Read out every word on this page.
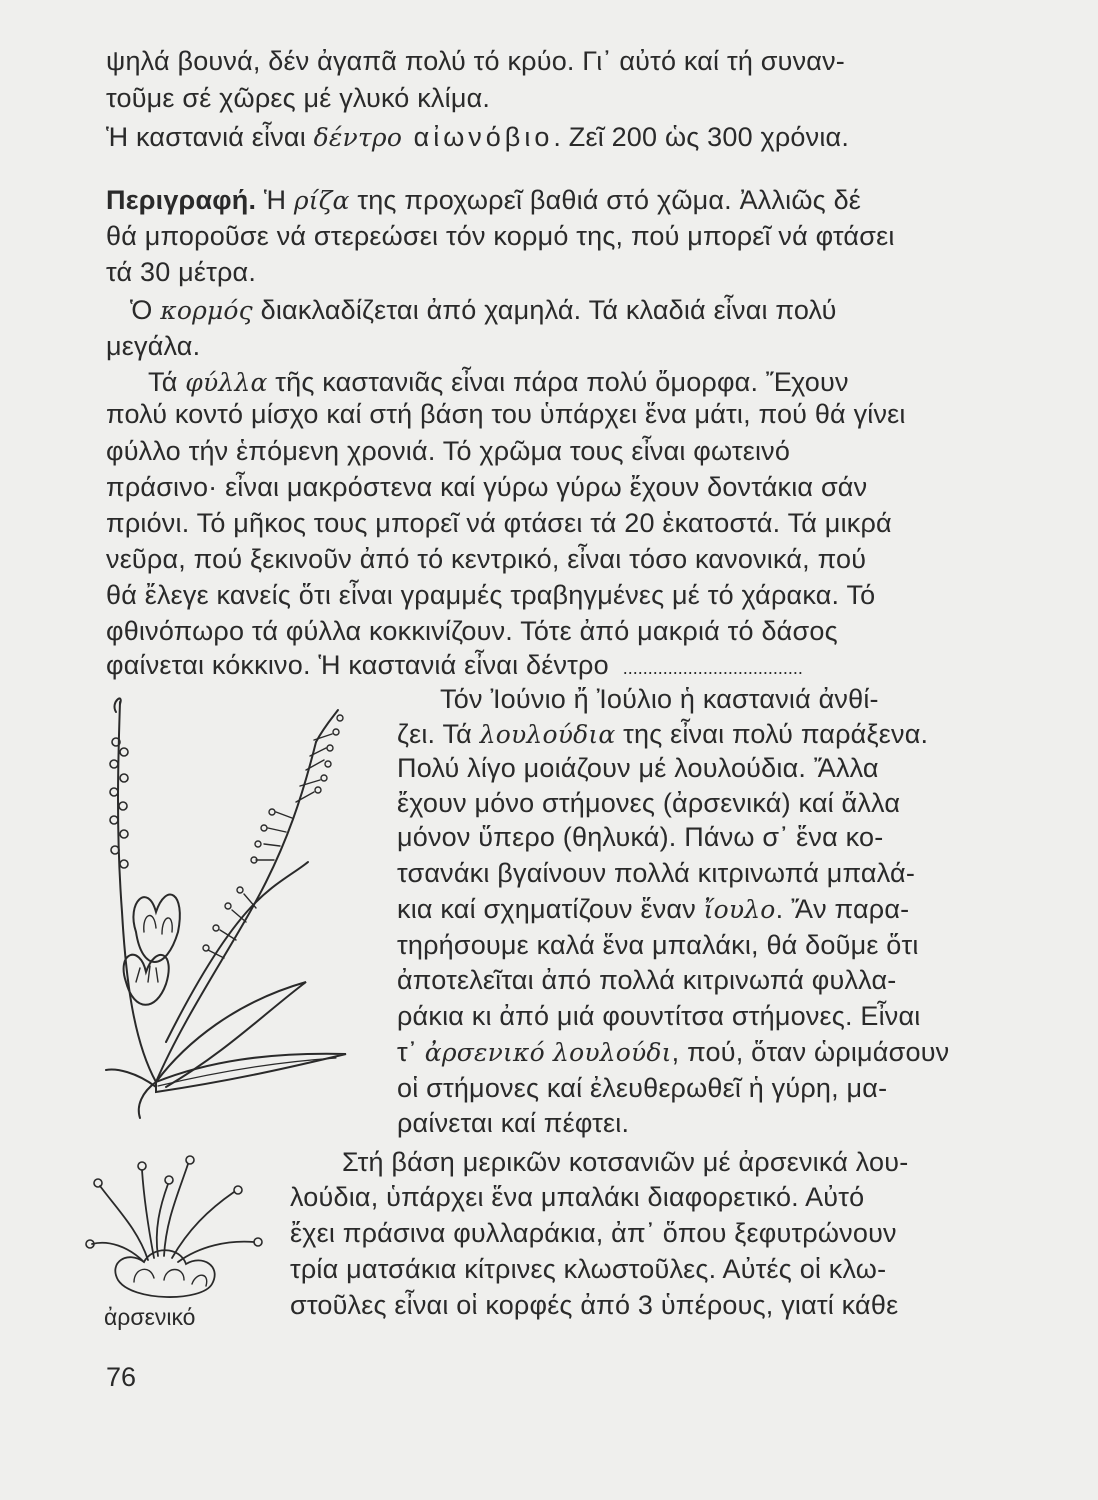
ψηλά βουνά, δέν ἀγαπᾶ πολύ τό κρύο. Γι᾿ αὐτό καί τή συναν-
τοῦμε σέ χῶρες μέ γλυκό κλίμα.
Ἡ καστανιά εἶναι δέντρο αἰωνόβιο. Ζεῖ 200 ὡς 300 χρόνια.
Περιγραφή. Ἡ ρίζα της προχωρεῖ βαθιά στό χῶμα. Ἀλλιῶς δέ
θά μποροῦσε νά στερεώσει τόν κορμό της, πού μπορεῖ νά φτάσει
τά 30 μέτρα.
Ὁ κορμός διακλαδίζεται ἀπό χαμηλά. Τά κλαδιά εἶναι πολύ
μεγάλα.
Τά φύλλα τῆς καστανιᾶς εἶναι πάρα πολύ ὄμορφα. Ἔχουν
πολύ κοντό μίσχο καί στή βάση του ὑπάρχει ἕνα μάτι, πού θά γίνει
φύλλο τήν ἑπόμενη χρονιά. Τό χρῶμα τους εἶναι φωτεινό
πράσινο· εἶναι μακρόστενα καί γύρω γύρω ἔχουν δοντάκια σάν
πριόνι. Τό μῆκος τους μπορεῖ νά φτάσει τά 20 ἑκατοστά. Τά μικρά
νεῦρα, πού ξεκινοῦν ἀπό τό κεντρικό, εἶναι τόσο κανονικά, πού
θά ἔλεγε κανείς ὅτι εἶναι γραμμές τραβηγμένες μέ τό χάρακα. Τό
φθινόπωρο τά φύλλα κοκκινίζουν. Τότε ἀπό μακριά τό δάσος
φαίνεται κόκκινο. Ἡ καστανιά εἶναι δέντρο ....................................
Τόν Ἰούνιο ἤ Ἰούλιο ἡ καστανιά ἀνθί-
ζει. Τά λουλούδια της εἶναι πολύ παράξενα.
Πολύ λίγο μοιάζουν μέ λουλούδια. Ἄλλα
ἔχουν μόνο στήμονες (ἀρσενικά) καί ἄλλα
μόνον ὕπερο (θηλυκά). Πάνω σ᾿ ἕνα κο-
τσανάκι βγαίνουν πολλά κιτρινωπά μπαλά-
κια καί σχηματίζουν ἕναν ἴουλο. Ἄν παρα-
τηρήσουμε καλά ἕνα μπαλάκι, θά δοῦμε ὅτι
ἀποτελεῖται ἀπό πολλά κιτρινωπά φυλλα-
ράκια κι ἀπό μιά φουντίτσα στήμονες. Εἶναι
τ᾿ ἀρσενικό λουλούδι, πού, ὅταν ὡριμάσουν
οἱ στήμονες καί ἐλευθερωθεῖ ἡ γύρη, μα-
ραίνεται καί πέφτει.
Στή βάση μερικῶν κοτσανιῶν μέ ἀρσενικά λου-
λούδια, ὑπάρχει ἕνα μπαλάκι διαφορετικό. Αὐτό
ἔχει πράσινα φυλλαράκια, ἀπ᾿ ὅπου ξεφυτρώνουν
τρία ματσάκια κίτρινες κλωστοῦλες. Αὐτές οἱ κλω-
στοῦλες εἶναι οἱ κορφές ἀπό 3 ὑπέρους, γιατί κάθε
ἀρσενικό
76
